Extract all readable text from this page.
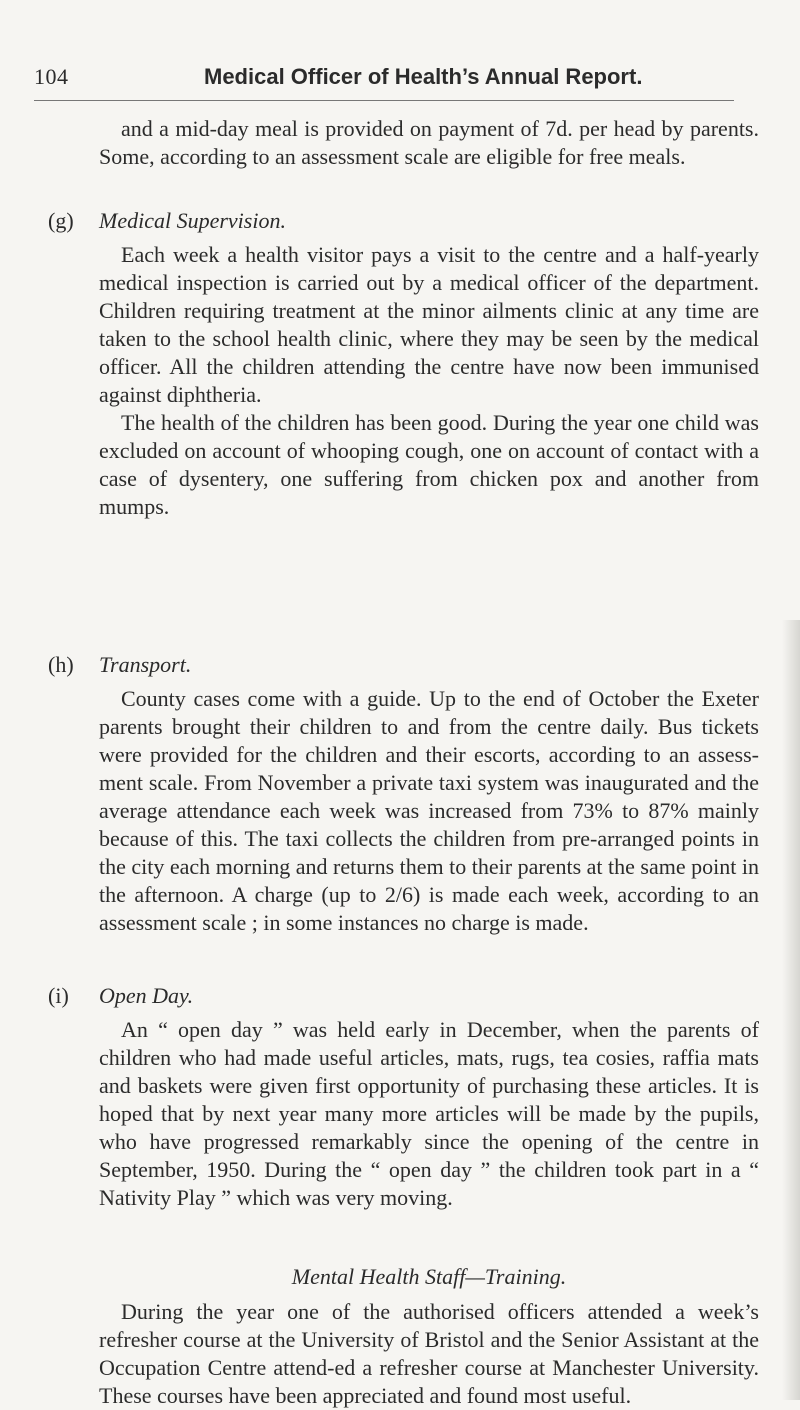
104	Medical Officer of Health’s Annual Report.

and a mid-day meal is provided on payment of 7d. per head by parents. Some, according to an assessment scale are eligible for free meals.

(g) Medical Supervision.

Each week a health visitor pays a visit to the centre and a half-yearly medical inspection is carried out by a medical officer of the department. Children requiring treatment at the minor ailments clinic at any time are taken to the school health clinic, where they may be seen by the medical officer. All the children attending the centre have now been immunised against diphtheria.

The health of the children has been good. During the year one child was excluded on account of whooping cough, one on account of contact with a case of dysentery, one suffering from chicken pox and another from mumps.

(h) Transport.

County cases come with a guide. Up to the end of October the Exeter parents brought their children to and from the centre daily. Bus tickets were provided for the children and their escorts, according to an assess-ment scale. From November a private taxi system was inaugurated and the average attendance each week was increased from 73% to 87% mainly because of this. The taxi collects the children from pre-arranged points in the city each morning and returns them to their parents at the same point in the afternoon. A charge (up to 2/6) is made each week, according to an assessment scale ; in some instances no charge is made.

(i) Open Day.

An “ open day ” was held early in December, when the parents of children who had made useful articles, mats, rugs, tea cosies, raffia mats and baskets were given first opportunity of purchasing these articles. It is hoped that by next year many more articles will be made by the pupils, who have progressed remarkably since the opening of the centre in September, 1950. During the “ open day ” the children took part in a “ Nativity Play ” which was very moving.

Mental Health Staff—Training.

During the year one of the authorised officers attended a week’s refresher course at the University of Bristol and the Senior Assistant at the Occupation Centre attend-ed a refresher course at Manchester University. These courses have been appreciated and found most useful.
